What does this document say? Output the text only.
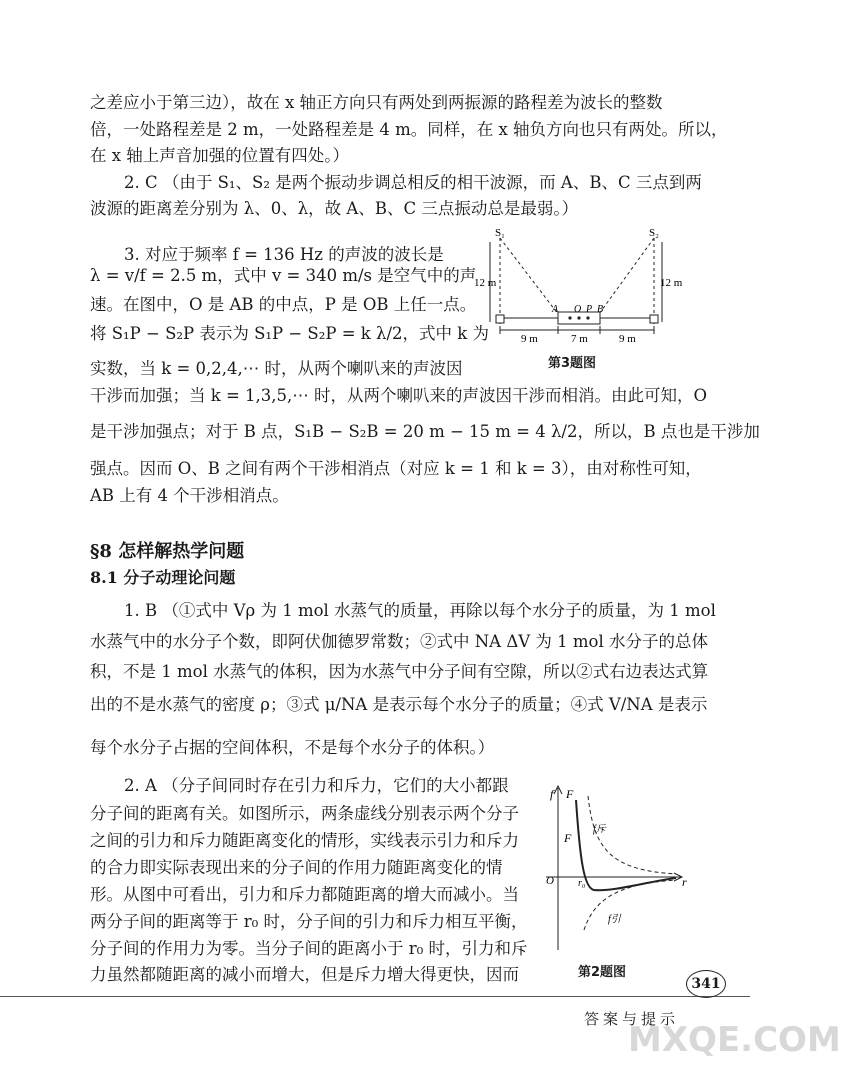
之差应小于第三边），故在 x 轴正方向只有两处到两振源的路程差为波长的整数
倍，一处路程差是 2 m，一处路程差是 4 m。同样，在 x 轴负方向也只有两处。所以，
在 x 轴上声音加强的位置有四处。）
2. C （由于 S₁、S₂ 是两个振动步调总相反的相干波源，而 A、B、C 三点到两
波源的距离差分别为 λ、0、λ，故 A、B、C 三点振动总是最弱。）
3. 对应于频率 f = 136 Hz 的声波的波长是
λ = v/f = 2.5 m，式中 v = 340 m/s 是空气中的声
速。在图中，O 是 AB 的中点，P 是 OB 上任一点。
将 S₁P − S₂P 表示为 S₁P − S₂P = k λ/2，式中 k 为
实数，当 k = 0,2,4,⋯ 时，从两个喇叭来的声波因
干涉而加强；当 k = 1,3,5,⋯ 时，从两个喇叭来的声波因干涉而相消。由此可知，O
是干涉加强点；对于 B 点，S₁B − S₂B = 20 m − 15 m = 4 λ/2，所以，B 点也是干涉加
强点。因而 O、B 之间有两个干涉相消点（对应 k = 1 和 k = 3），由对称性可知，
AB 上有 4 个干涉相消点。
S₁	S₂
12 m	12 m
A O P B
9 m	7 m	9 m
第3题图
§8 怎样解热学问题
8.1 分子动理论问题
1. B （①式中 Vρ 为 1 mol 水蒸气的质量，再除以每个水分子的质量，为 1 mol
水蒸气中的水分子个数，即阿伏伽德罗常数；②式中 NA ΔV 为 1 mol 水分子的总体
积，不是 1 mol 水蒸气的体积，因为水蒸气中分子间有空隙，所以②式右边表达式算
出的不是水蒸气的密度 ρ；③式 μ/NA 是表示每个水分子的质量；④式 V/NA 是表示
每个水分子占据的空间体积，不是每个水分子的体积。）
2. A （分子间同时存在引力和斥力，它们的大小都跟
分子间的距离有关。如图所示，两条虚线分别表示两个分子
之间的引力和斥力随距离变化的情形，实线表示引力和斥力
的合力即实际表现出来的分子间的作用力随距离变化的情
形。从图中可看出，引力和斥力都随距离的增大而减小。当
两分子间的距离等于 r₀ 时，分子间的引力和斥力相互平衡，
分子间的作用力为零。当分子间的距离小于 r₀ 时，引力和斥
力虽然都随距离的减小而增大，但是斥力增大得更快，因而
f F
f斥
F
O r₀	r
f引
第2题图
341
答案与提示
MXQE.COM
